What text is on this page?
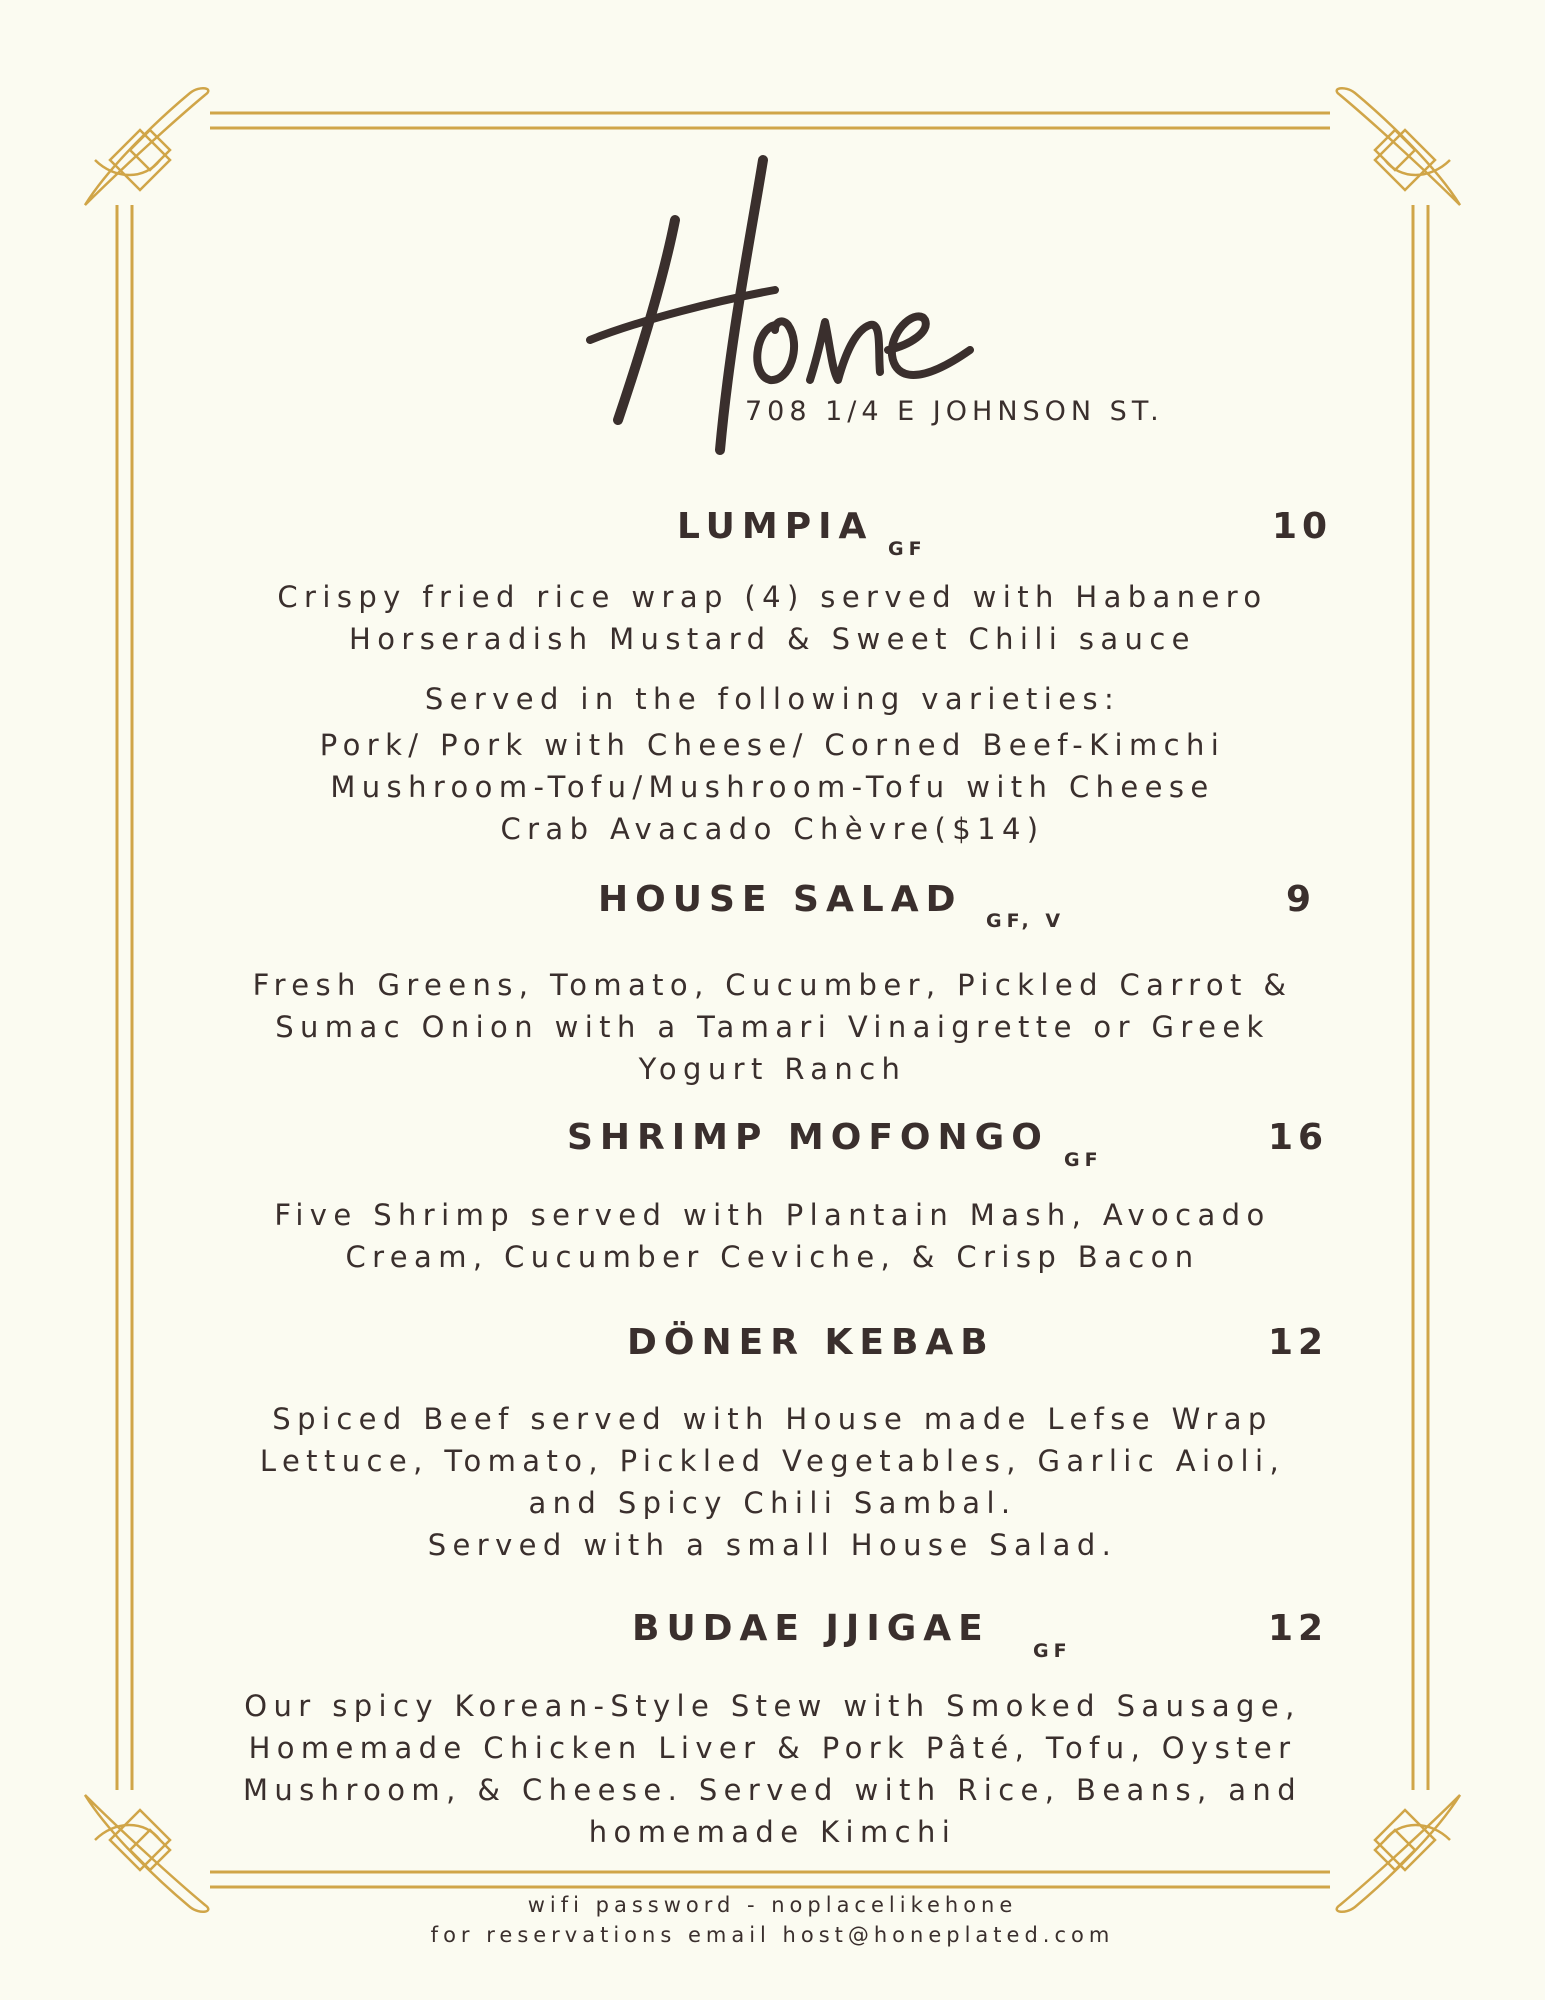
708 1/4 E JOHNSON ST.
LUMPIA
GF
10
Crispy fried rice wrap (4) served with Habanero
Horseradish Mustard & Sweet Chili sauce
Served in the following varieties:
Pork/ Pork with Cheese/ Corned Beef-Kimchi
Mushroom-Tofu/Mushroom-Tofu with Cheese
Crab Avacado Chèvre($14)
HOUSE SALAD
GF, V
9
Fresh Greens, Tomato, Cucumber, Pickled Carrot &
Sumac Onion with a Tamari Vinaigrette or Greek
Yogurt Ranch
SHRIMP MOFONGO
GF
16
Five Shrimp served with Plantain Mash, Avocado
Cream, Cucumber Ceviche, & Crisp Bacon
DÖNER KEBAB	12
Spiced Beef served with House made Lefse Wrap
Lettuce, Tomato, Pickled Vegetables, Garlic Aioli,
and Spicy Chili Sambal.
Served with a small House Salad.
BUDAE JJIGAE
GF
12
Our spicy Korean-Style Stew with Smoked Sausage,
Homemade Chicken Liver & Pork Pâté, Tofu, Oyster
Mushroom, & Cheese. Served with Rice, Beans, and
homemade Kimchi
wifi password - noplacelikehone
for reservations email host@honeplated.com
